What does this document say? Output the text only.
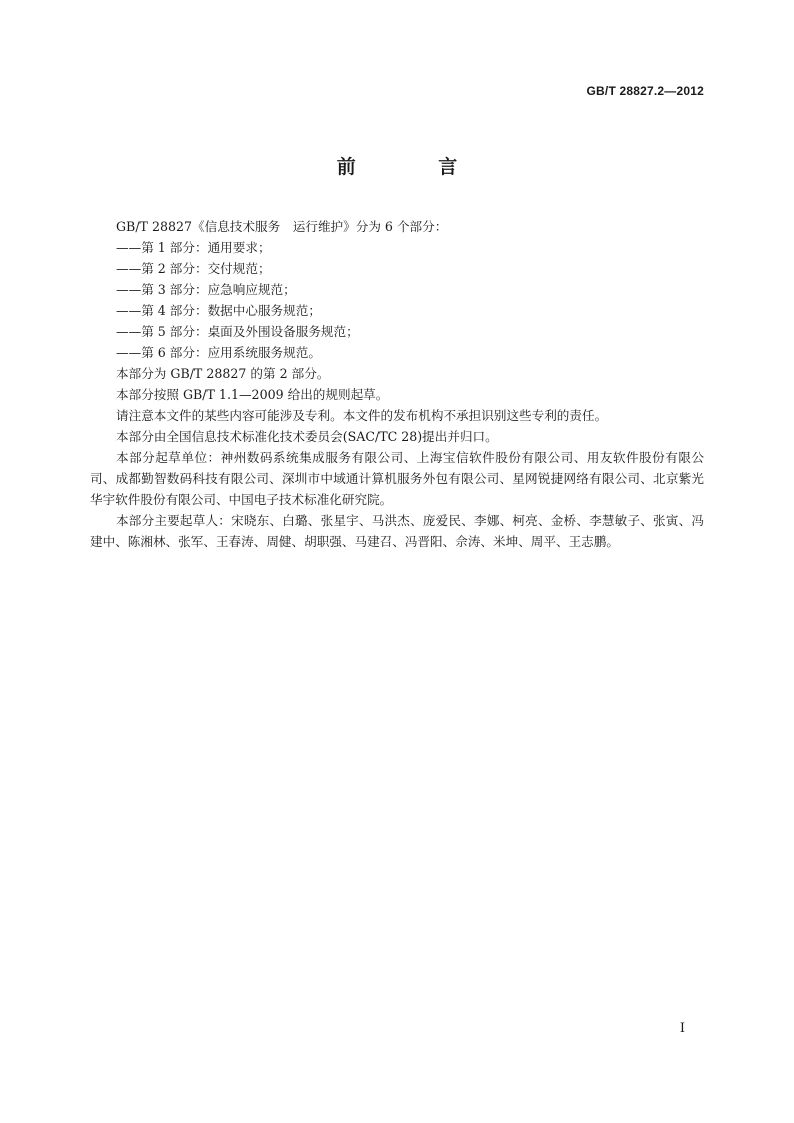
GB/T 28827.2—2012
前 言

GB/T 28827《信息技术服务　运行维护》分为 6 个部分：

——第 1 部分：通用要求；

——第 2 部分：交付规范；

——第 3 部分：应急响应规范；

——第 4 部分：数据中心服务规范；

——第 5 部分：桌面及外围设备服务规范；

——第 6 部分：应用系统服务规范。

本部分为 GB/T 28827 的第 2 部分。

本部分按照 GB/T 1.1—2009 给出的规则起草。

请注意本文件的某些内容可能涉及专利。本文件的发布机构不承担识别这些专利的责任。

本部分由全国信息技术标准化技术委员会(SAC/TC 28)提出并归口。

本部分起草单位：神州数码系统集成服务有限公司、上海宝信软件股份有限公司、用友软件股份有限公司、成都勤智数码科技有限公司、深圳市中域通计算机服务外包有限公司、星网锐捷网络有限公司、北京紫光华宇软件股份有限公司、中国电子技术标准化研究院。

本部分主要起草人：宋晓东、白璐、张星宇、马洪杰、庞爱民、李娜、柯亮、金桥、李慧敏子、张寅、冯建中、陈湘林、张军、王春涛、周健、胡职强、马建召、冯晋阳、佘涛、米坤、周平、王志鹏。

I
